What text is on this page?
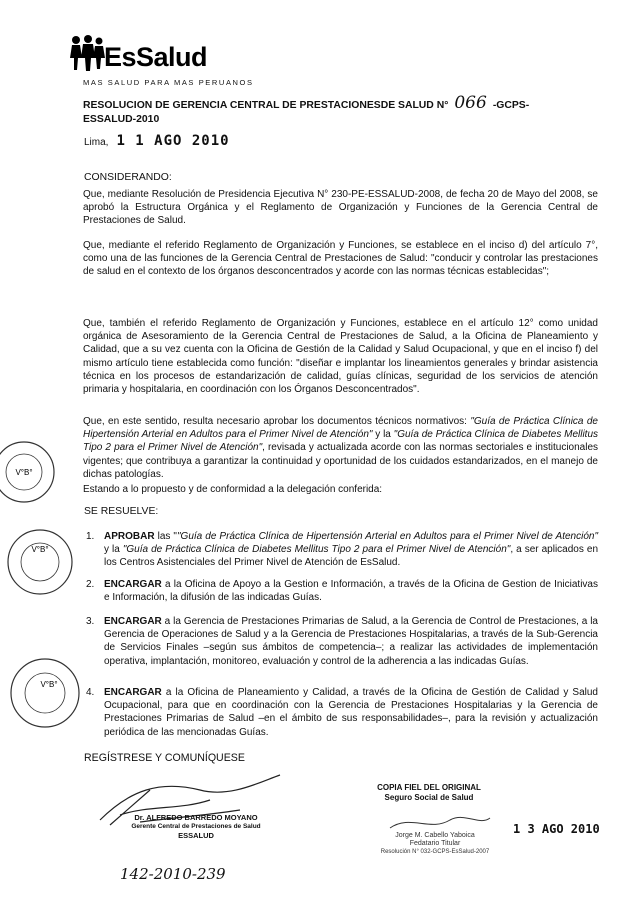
EsSalud
MAS SALUD PARA MAS PERUANOS
RESOLUCION DE GERENCIA CENTRAL DE PRESTACIONESDE SALUD N° 066 -GCPS-
ESSALUD-2010
Lima, 1 1 AGO 2010
CONSIDERANDO:
Que, mediante Resolución de Presidencia Ejecutiva N° 230-PE-ESSALUD-2008, de fecha 20 de Mayo del 2008, se aprobó la Estructura Orgánica y el Reglamento de Organización y Funciones de la Gerencia Central de Prestaciones de Salud.
Que, mediante el referido Reglamento de Organización y Funciones, se establece en el inciso d) del artículo 7°, como una de las funciones de la Gerencia Central de Prestaciones de Salud: "conducir y controlar las prestaciones de salud en el contexto de los órganos desconcentrados y acorde con las normas técnicas establecidas";
Que, también el referido Reglamento de Organización y Funciones, establece en el artículo 12° como unidad orgánica de Asesoramiento de la Gerencia Central de Prestaciones de Salud, a la Oficina de Planeamiento y Calidad, que a su vez cuenta con la Oficina de Gestión de la Calidad y Salud Ocupacional, y que en el inciso f) del mismo artículo tiene establecida como función: "diseñar e implantar los lineamientos generales y brindar asistencia técnica en los procesos de estandarización de calidad, guías clínicas, seguridad de los servicios de atención primaria y hospitalaria, en coordinación con los Órganos Desconcentrados".
Que, en este sentido, resulta necesario aprobar los documentos técnicos normativos: "Guía de Práctica Clínica de Hipertensión Arterial en Adultos para el Primer Nivel de Atención" y la "Guía de Práctica Clínica de Diabetes Mellitus Tipo 2 para el Primer Nivel de Atención", revisada y actualizada acorde con las normas sectoriales e institucionales vigentes; que contribuya a garantizar la continuidad y oportunidad de los cuidados estandarizados, en el manejo de dichas patologías.
Estando a lo propuesto y de conformidad a la delegación conferida:
SE RESUELVE:
1. APROBAR las ""Guía de Práctica Clínica de Hipertensión Arterial en Adultos para el Primer Nivel de Atención" y la "Guía de Práctica Clínica de Diabetes Mellitus Tipo 2 para el Primer Nivel de Atención", a ser aplicados en los Centros Asistenciales del Primer Nivel de Atención de EsSalud.
2. ENCARGAR a la Oficina de Apoyo a la Gestion e Información, a través de la Oficina de Gestion de Iniciativas e Información, la difusión de las indicadas Guías.
3. ENCARGAR a la Gerencia de Prestaciones Primarias de Salud, a la Gerencia de Control de Prestaciones, a la Gerencia de Operaciones de Salud y a la Gerencia de Prestaciones Hospitalarias, a través de la Sub-Gerencia de Servicios Finales –según sus ámbitos de competencia–; a realizar las actividades de implementación operativa, implantación, monitoreo, evaluación y control de la adherencia a las indicadas Guías.
4. ENCARGAR a la Oficina de Planeamiento y Calidad, a través de la Oficina de Gestión de Calidad y Salud Ocupacional, para que en coordinación con la Gerencia de Prestaciones Hospitalarias y la Gerencia de Prestaciones Primarias de Salud –en el ámbito de sus responsabilidades–, para la revisión y actualización periódica de las mencionadas Guías.
REGÍSTRESE Y COMUNÍQUESE
V°B°
V°B°
V°B°
Dr. ALFREDO BARREDO MOYANO
Gerente Central de Prestaciones de Salud
ESSALUD
COPIA FIEL DEL ORIGINAL
Seguro Social de Salud
Jorge M. Cabello Yaboica
Fedatario Titular
Resolución N° 032-GCPS-EsSalud-2007
1 3 AGO 2010
142-2010-239
